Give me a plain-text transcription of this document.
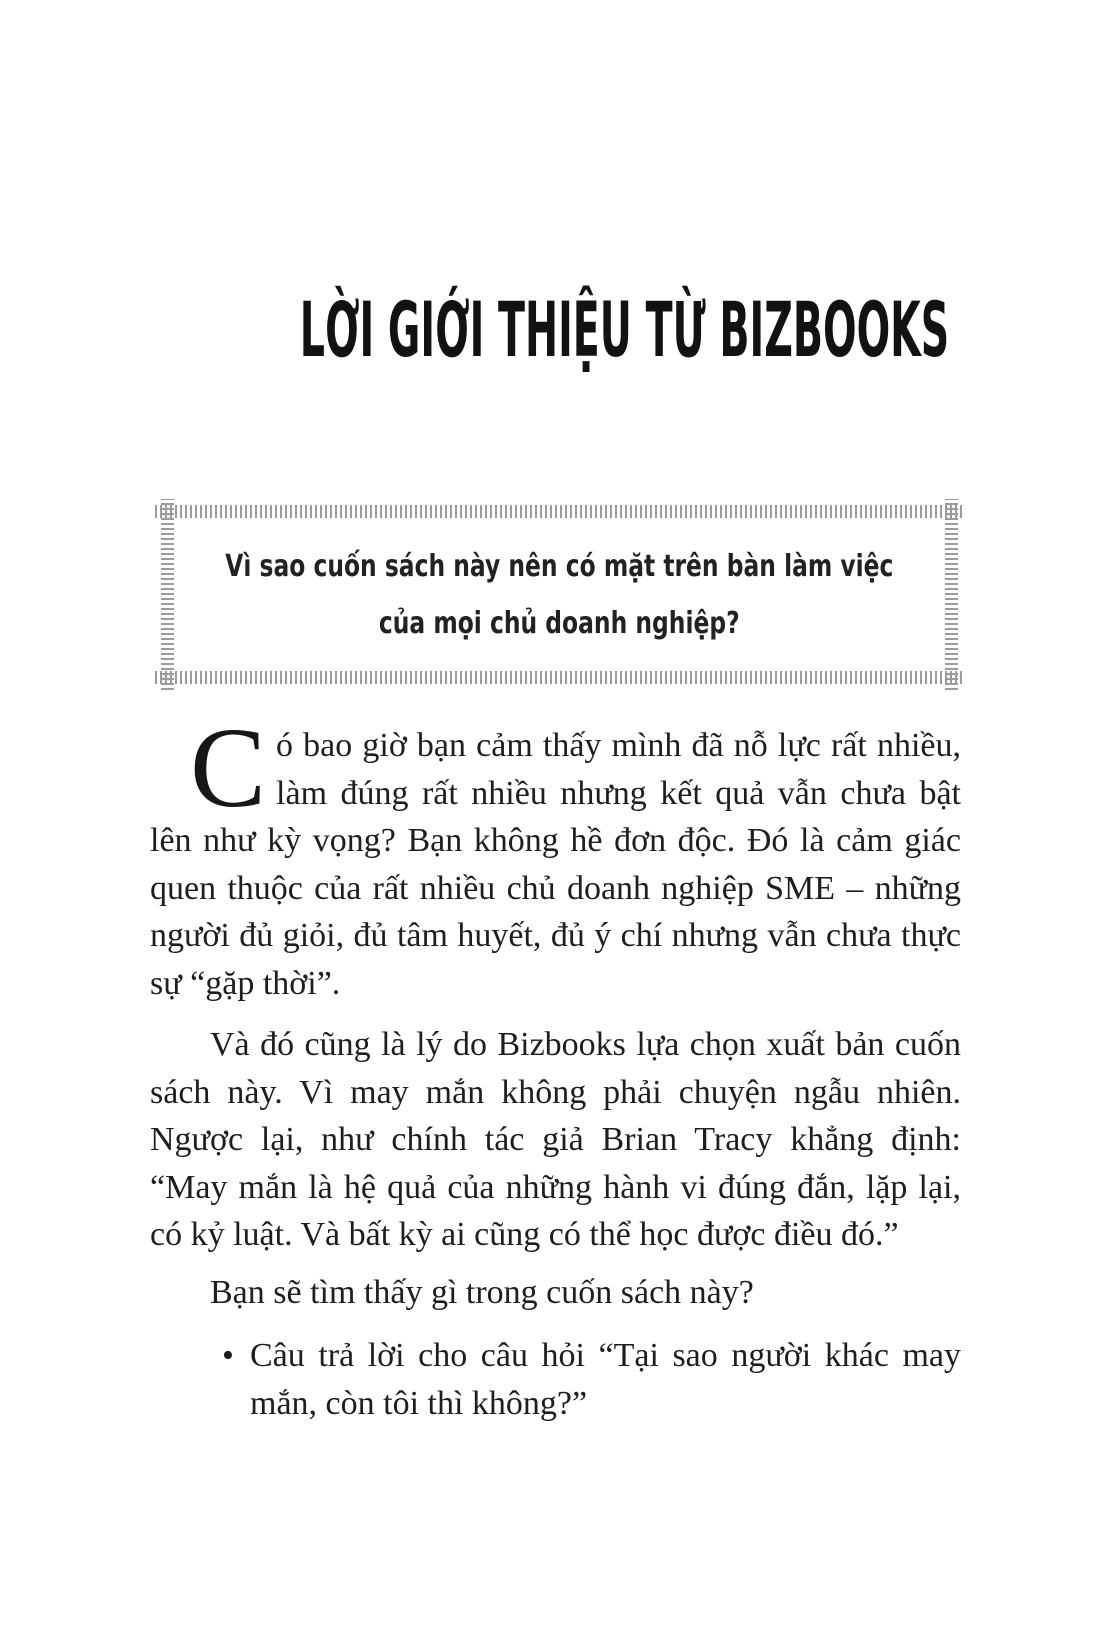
LỜI GIỚI THIỆU TỪ BIZBOOKS
Vì sao cuốn sách này nên có mặt trên bàn làm việc
của mọi chủ doanh nghiệp?

Có bao giờ bạn cảm thấy mình đã nỗ lực rất nhiều, làm đúng rất nhiều nhưng kết quả vẫn chưa bật lên như kỳ vọng? Bạn không hề đơn độc. Đó là cảm giác quen thuộc của rất nhiều chủ doanh nghiệp SME – những người đủ giỏi, đủ tâm huyết, đủ ý chí nhưng vẫn chưa thực sự “gặp thời”.

Và đó cũng là lý do Bizbooks lựa chọn xuất bản cuốn sách này. Vì may mắn không phải chuyện ngẫu nhiên. Ngược lại, như chính tác giả Brian Tracy khẳng định: “May mắn là hệ quả của những hành vi đúng đắn, lặp lại, có kỷ luật. Và bất kỳ ai cũng có thể học được điều đó.”

Bạn sẽ tìm thấy gì trong cuốn sách này?

• Câu trả lời cho câu hỏi “Tại sao người khác may mắn, còn tôi thì không?”
